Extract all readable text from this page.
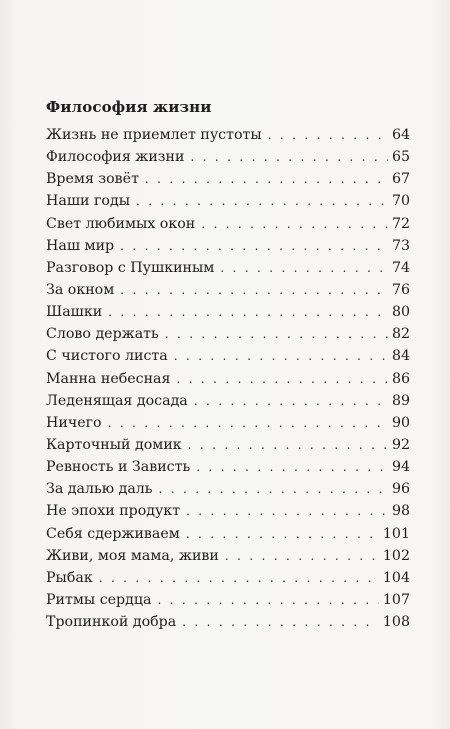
Философия жизни
Жизнь не приемлет пустоты . . .	64
Философия жизни . . .	65
Время зовёт . . .	67
Наши годы . . .	70
Свет любимых окон . . .	72
Наш мир . . .	73
Разговор с Пушкиным . . .	74
За окном . . .	76
Шашки . . .	80
Слово держать . . .	82
С чистого листа . . .	84
Манна небесная . . .	86
Леденящая досада . . .	89
Ничего . . .	90
Карточный домик . . .	92
Ревность и Зависть . . .	94
За далью даль . . .	96
Не эпохи продукт . . .	98
Себя сдерживаем . . .	101
Живи, моя мама, живи . . .	102
Рыбак . . .	104
Ритмы сердца . . .	107
Тропинкой добра . . .	108
